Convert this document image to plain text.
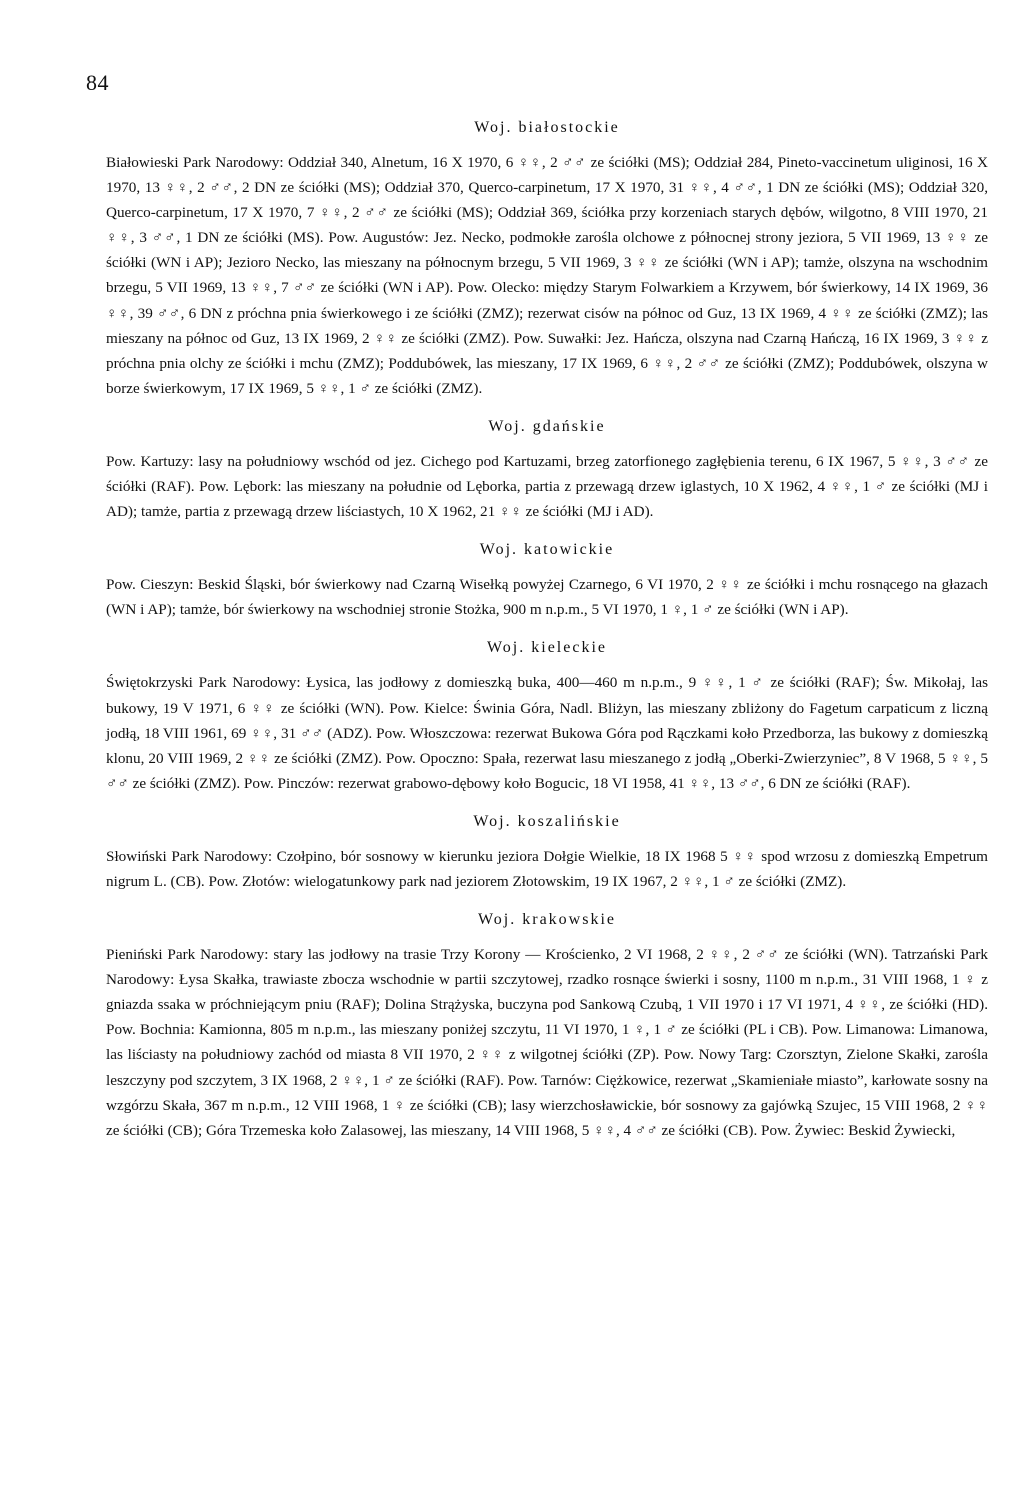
84
Woj. białostockie

Białowieski Park Narodowy: Oddział 340, Alnetum, 16 X 1970, 6 ♀♀, 2 ♂♂ ze ściółki (MS); Oddział 284, Pineto-vaccinetum uliginosi, 16 X 1970, 13 ♀♀, 2 ♂♂, 2 DN ze ściółki (MS); Oddział 370, Querco-carpinetum, 17 X 1970, 31 ♀♀, 4 ♂♂, 1 DN ze ściółki (MS); Oddział 320, Querco-carpinetum, 17 X 1970, 7 ♀♀, 2 ♂♂ ze ściółki (MS); Oddział 369, ściółka przy korzeniach starych dębów, wilgotno, 8 VIII 1970, 21 ♀♀, 3 ♂♂, 1 DN ze ściółki (MS). Pow. Augustów: Jez. Necko, podmokłe zarośla olchowe z północnej strony jeziora, 5 VII 1969, 13 ♀♀ ze ściółki (WN i AP); Jezioro Necko, las mieszany na północnym brzegu, 5 VII 1969, 3 ♀♀ ze ściółki (WN i AP); tamże, olszyna na wschodnim brzegu, 5 VII 1969, 13 ♀♀, 7 ♂♂ ze ściółki (WN i AP). Pow. Olecko: między Starym Folwarkiem a Krzywem, bór świerkowy, 14 IX 1969, 36 ♀♀, 39 ♂♂, 6 DN z próchna pnia świerkowego i ze ściółki (ZMZ); rezerwat cisów na północ od Guz, 13 IX 1969, 4 ♀♀ ze ściółki (ZMZ); las mieszany na północ od Guz, 13 IX 1969, 2 ♀♀ ze ściółki (ZMZ). Pow. Suwałki: Jez. Hańcza, olszyna nad Czarną Hańczą, 16 IX 1969, 3 ♀♀ z próchna pnia olchy ze ściółki i mchu (ZMZ); Poddubówek, las mieszany, 17 IX 1969, 6 ♀♀, 2 ♂♂ ze ściółki (ZMZ); Poddubówek, olszyna w borze świerkowym, 17 IX 1969, 5 ♀♀, 1 ♂ ze ściółki (ZMZ).

Woj. gdańskie

Pow. Kartuzy: lasy na południowy wschód od jez. Cichego pod Kartuzami, brzeg zatorfionego zagłębienia terenu, 6 IX 1967, 5 ♀♀, 3 ♂♂ ze ściółki (RAF). Pow. Lębork: las mieszany na południe od Lęborka, partia z przewagą drzew iglastych, 10 X 1962, 4 ♀♀, 1 ♂ ze ściółki (MJ i AD); tamże, partia z przewagą drzew liściastych, 10 X 1962, 21 ♀♀ ze ściółki (MJ i AD).

Woj. katowickie

Pow. Cieszyn: Beskid Śląski, bór świerkowy nad Czarną Wisełką powyżej Czarnego, 6 VI 1970, 2 ♀♀ ze ściółki i mchu rosnącego na głazach (WN i AP); tamże, bór świerkowy na wschodniej stronie Stożka, 900 m n.p.m., 5 VI 1970, 1 ♀, 1 ♂ ze ściółki (WN i AP).

Woj. kieleckie

Świętokrzyski Park Narodowy: Łysica, las jodłowy z domieszką buka, 400—460 m n.p.m., 9 ♀♀, 1 ♂ ze ściółki (RAF); Św. Mikołaj, las bukowy, 19 V 1971, 6 ♀♀ ze ściółki (WN). Pow. Kielce: Świnia Góra, Nadl. Bliżyn, las mieszany zbliżony do Fagetum carpaticum z liczną jodłą, 18 VIII 1961, 69 ♀♀, 31 ♂♂ (ADZ). Pow. Włoszczowa: rezerwat Bukowa Góra pod Rączkami koło Przedborza, las bukowy z domieszką klonu, 20 VIII 1969, 2 ♀♀ ze ściółki (ZMZ). Pow. Opoczno: Spała, rezerwat lasu mieszanego z jodłą „Oberki-Zwierzyniec”, 8 V 1968, 5 ♀♀, 5 ♂♂ ze ściółki (ZMZ). Pow. Pinczów: rezerwat grabowo-dębowy koło Bogucic, 18 VI 1958, 41 ♀♀, 13 ♂♂, 6 DN ze ściółki (RAF).

Woj. koszalińskie

Słowiński Park Narodowy: Czołpino, bór sosnowy w kierunku jeziora Dołgie Wielkie, 18 IX 1968 5 ♀♀ spod wrzosu z domieszką Empetrum nigrum L. (CB). Pow. Złotów: wielogatunkowy park nad jeziorem Złotowskim, 19 IX 1967, 2 ♀♀, 1 ♂ ze ściółki (ZMZ).

Woj. krakowskie

Pieniński Park Narodowy: stary las jodłowy na trasie Trzy Korony — Krościenko, 2 VI 1968, 2 ♀♀, 2 ♂♂ ze ściółki (WN). Tatrzański Park Narodowy: Łysa Skałka, trawiaste zbocza wschodnie w partii szczytowej, rzadko rosnące świerki i sosny, 1100 m n.p.m., 31 VIII 1968, 1 ♀ z gniazda ssaka w próchniejącym pniu (RAF); Dolina Strążyska, buczyna pod Sankową Czubą, 1 VII 1970 i 17 VI 1971, 4 ♀♀, ze ściółki (HD). Pow. Bochnia: Kamionna, 805 m n.p.m., las mieszany poniżej szczytu, 11 VI 1970, 1 ♀, 1 ♂ ze ściółki (PL i CB). Pow. Limanowa: Limanowa, las liściasty na południowy zachód od miasta 8 VII 1970, 2 ♀♀ z wilgotnej ściółki (ZP). Pow. Nowy Targ: Czorsztyn, Zielone Skałki, zarośla leszczyny pod szczytem, 3 IX 1968, 2 ♀♀, 1 ♂ ze ściółki (RAF). Pow. Tarnów: Ciężkowice, rezerwat „Skamieniałe miasto”, karłowate sosny na wzgórzu Skała, 367 m n.p.m., 12 VIII 1968, 1 ♀ ze ściółki (CB); lasy wierzchosławickie, bór sosnowy za gajówką Szujec, 15 VIII 1968, 2 ♀♀ ze ściółki (CB); Góra Trzemeska koło Zalasowej, las mieszany, 14 VIII 1968, 5 ♀♀, 4 ♂♂ ze ściółki (CB). Pow. Żywiec: Beskid Żywiecki,
